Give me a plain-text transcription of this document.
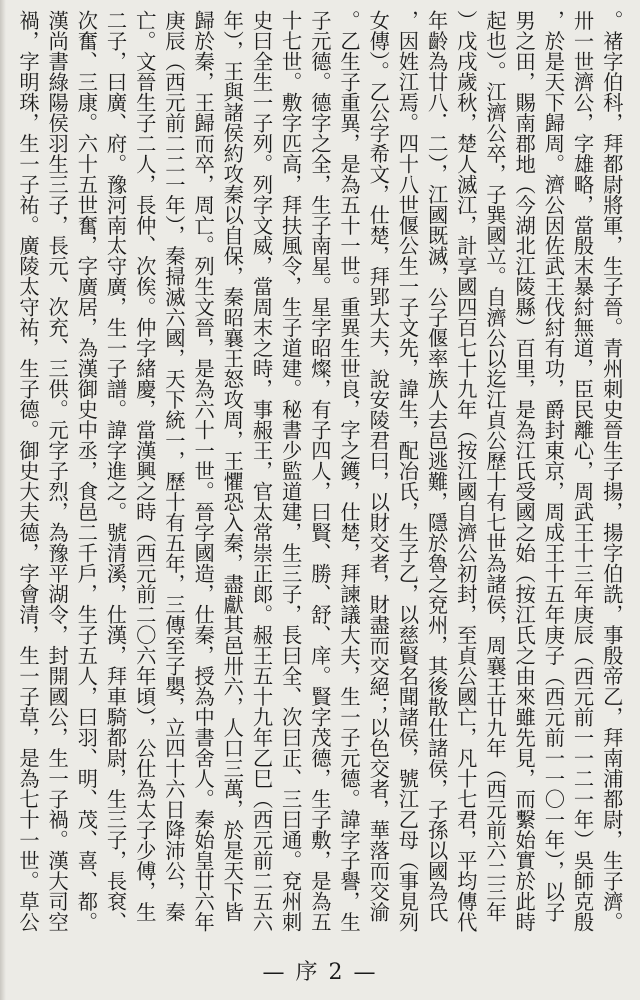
。禇字伯科，拜都尉將軍，生子晉。青州刺史晉生子揚，揚字伯詵，事殷帝乙，拜南浦都尉，生子濟。
卅一世濟公，字雄略，當殷末暴紂無道，臣民離心，周武王十三年庚辰（西元前一一二一年）吳師克殷
，於是天下歸周。濟公因佐武王伐紂有功，爵封東京，周成王十五年庚子（西元前一一〇一年），以子
男之田，賜南郡地（今湖北江陵縣）百里，是為江氏受國之始（按江氏之由來雖先見，而繫始實於此時
起也）。江濟公卒，子巽國立。自濟公以迄江貞公歷十有七世為諸侯，周襄王廿九年（西元前六二三年
）戊戌歲秋，楚人滅江，計享國四百七十九年（按江國自濟公初封，至貞公國亡，凡十七君，平均傳代
年齡為廿八．二），江國既滅，公子偃率族人去邑逃難，隱於魯之兗州，其後散仕諸侯，子孫以國為氏
，因姓江焉。四十八世偃公生一子文先，諱生，配冶氏，生子乙，以慈賢名聞諸侯，號江乙母（事見列
女傳）。乙公字希文，仕楚，拜郢大夫，說安陵君曰，以財交者，財盡而交絕；以色交者，華落而交渝
。乙生子重異，是為五十一世。重異生世良，字之鑊，仕楚，拜諫議大夫，生一子元德。諱字子譽，生
子元德。德字之全，生子南星。星字昭燦，有子四人，曰賢、勝、舒、庠。賢字茂德，生子敷，是為五
十七世。敷字匹高，拜扶風令，生子道建。秘書少監道建，生三子，長曰全、次曰正、三曰通。兗州刺
史曰全生一子列。列字文威，當周末之時，事赧王，官太常崇正郎。赧王五十九年乙巳（西元前二五六
年），王與諸侯約攻秦以自保，秦昭襄王怒攻周，王懼恐入秦，盡獻其邑卅六，人口三萬，於是天下皆
歸於秦，王歸而卒，周亡。列生文晉，是為六十一世。晉字國造，仕秦，授為中書舍人。秦始皇廿六年
庚辰（西元前二二一年），秦掃滅六國，天下統一，歷十有五年，三傳至子嬰，立四十六日降沛公，秦
亡。文晉生子二人，長仲、次俟。仲字緒慶，當漢興之時（西元前二〇六年頃），公仕為太子少傅，生
二子，曰廣、府。豫河南太守廣，生一子譜。諱字進之。號清溪，仕漢，拜車騎都尉，生三子，長袞、
次奮、三康。六十五世奮，字廣居，為漢御史中丞，食邑二千戶，生子五人，曰羽、明、茂、喜、都。
漢尚書綠陽侯羽生三子，長元、次充、三供。元字子烈，為豫平湖令，封開國公，生一子禍。漢大司空
禍，字明珠，生一子祐。廣陵太守祐，生子德。御史大夫德，字會清，生一子草，是為七十一世。草公
— 序 2 —
